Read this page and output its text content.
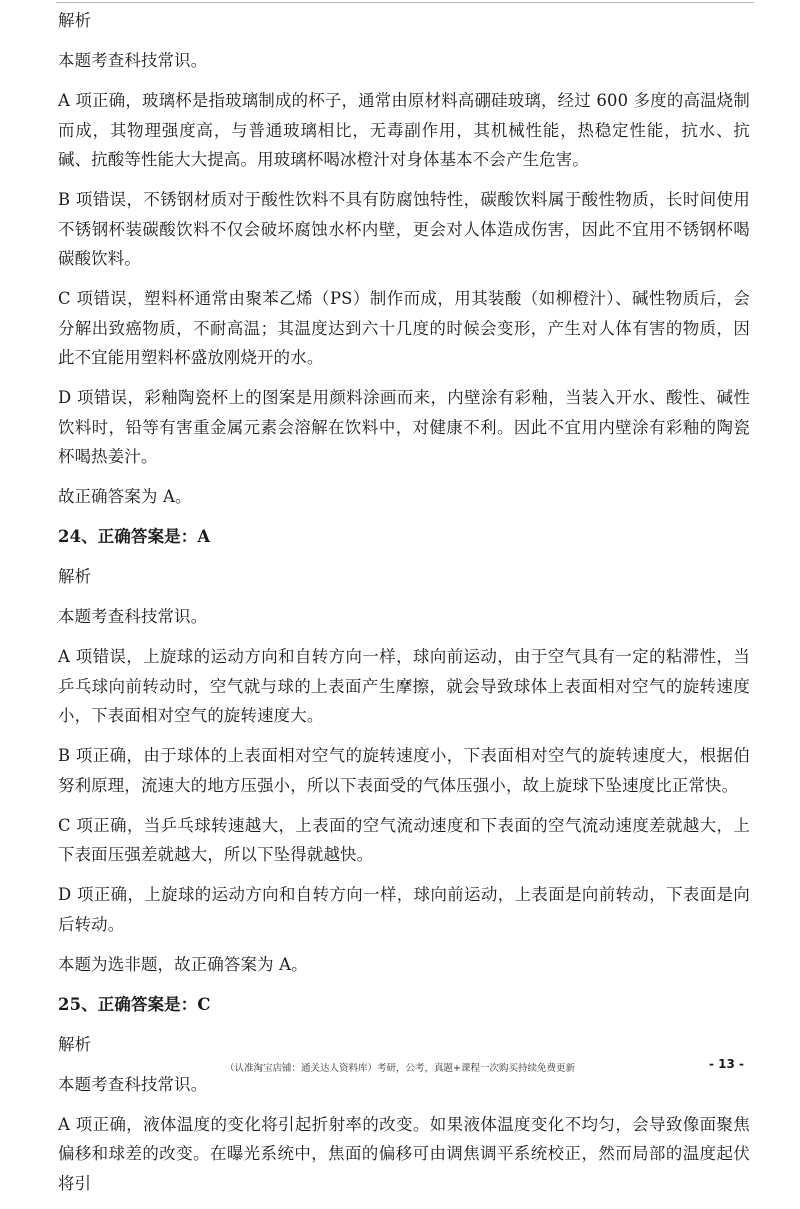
解析

本题考查科技常识。

A 项正确，玻璃杯是指玻璃制成的杯子，通常由原材料高硼硅玻璃，经过 600 多度的高温烧制而成，其物理强度高，与普通玻璃相比，无毒副作用，其机械性能，热稳定性能，抗水、抗碱、抗酸等性能大大提高。用玻璃杯喝冰橙汁对身体基本不会产生危害。

B 项错误，不锈钢材质对于酸性饮料不具有防腐蚀特性，碳酸饮料属于酸性物质，长时间使用不锈钢杯装碳酸饮料不仅会破坏腐蚀水杯内壁，更会对人体造成伤害，因此不宜用不锈钢杯喝碳酸饮料。

C 项错误，塑料杯通常由聚苯乙烯（PS）制作而成，用其装酸（如柳橙汁）、碱性物质后，会分解出致癌物质，不耐高温；其温度达到六十几度的时候会变形，产生对人体有害的物质，因此不宜能用塑料杯盛放刚烧开的水。

D 项错误，彩釉陶瓷杯上的图案是用颜料涂画而来，内壁涂有彩釉，当装入开水、酸性、碱性饮料时，铅等有害重金属元素会溶解在饮料中，对健康不利。因此不宜用内壁涂有彩釉的陶瓷杯喝热姜汁。

故正确答案为 A。

24、正确答案是：A

解析

本题考查科技常识。

A 项错误，上旋球的运动方向和自转方向一样，球向前运动，由于空气具有一定的粘滞性，当乒乓球向前转动时，空气就与球的上表面产生摩擦，就会导致球体上表面相对空气的旋转速度小，下表面相对空气的旋转速度大。

B 项正确，由于球体的上表面相对空气的旋转速度小，下表面相对空气的旋转速度大，根据伯努利原理，流速大的地方压强小，所以下表面受的气体压强小，故上旋球下坠速度比正常快。

C 项正确，当乒乓球转速越大，上表面的空气流动速度和下表面的空气流动速度差就越大，上下表面压强差就越大，所以下坠得就越快。

D 项正确，上旋球的运动方向和自转方向一样，球向前运动，上表面是向前转动，下表面是向后转动。

本题为选非题，故正确答案为 A。

25、正确答案是：C

解析

本题考查科技常识。

A 项正确，液体温度的变化将引起折射率的改变。如果液体温度变化不均匀，会导致像面聚焦偏移和球差的改变。在曝光系统中，焦面的偏移可由调焦调平系统校正，然而局部的温度起伏将引

（认准淘宝店铺：通关达人资料库）考研，公考，真题+课程一次购买持续免费更新	- 13 -
